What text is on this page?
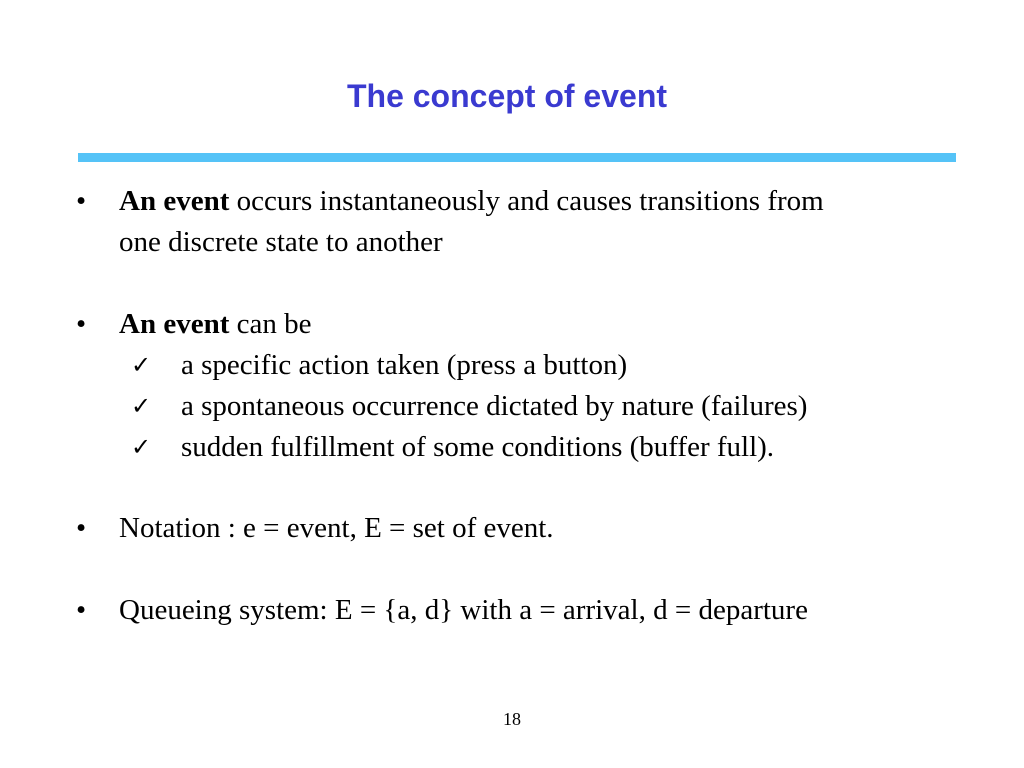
The concept of event
•	An event occurs instantaneously and causes transitions from
one discrete state to another
•	An event can be
✓ a specific action taken (press a button)
✓ a spontaneous occurrence dictated by nature (failures)
✓ sudden fulfillment of some conditions (buffer full).
•	Notation : e = event, E = set of event.
•	Queueing system: E = {a, d} with a = arrival, d = departure
18
